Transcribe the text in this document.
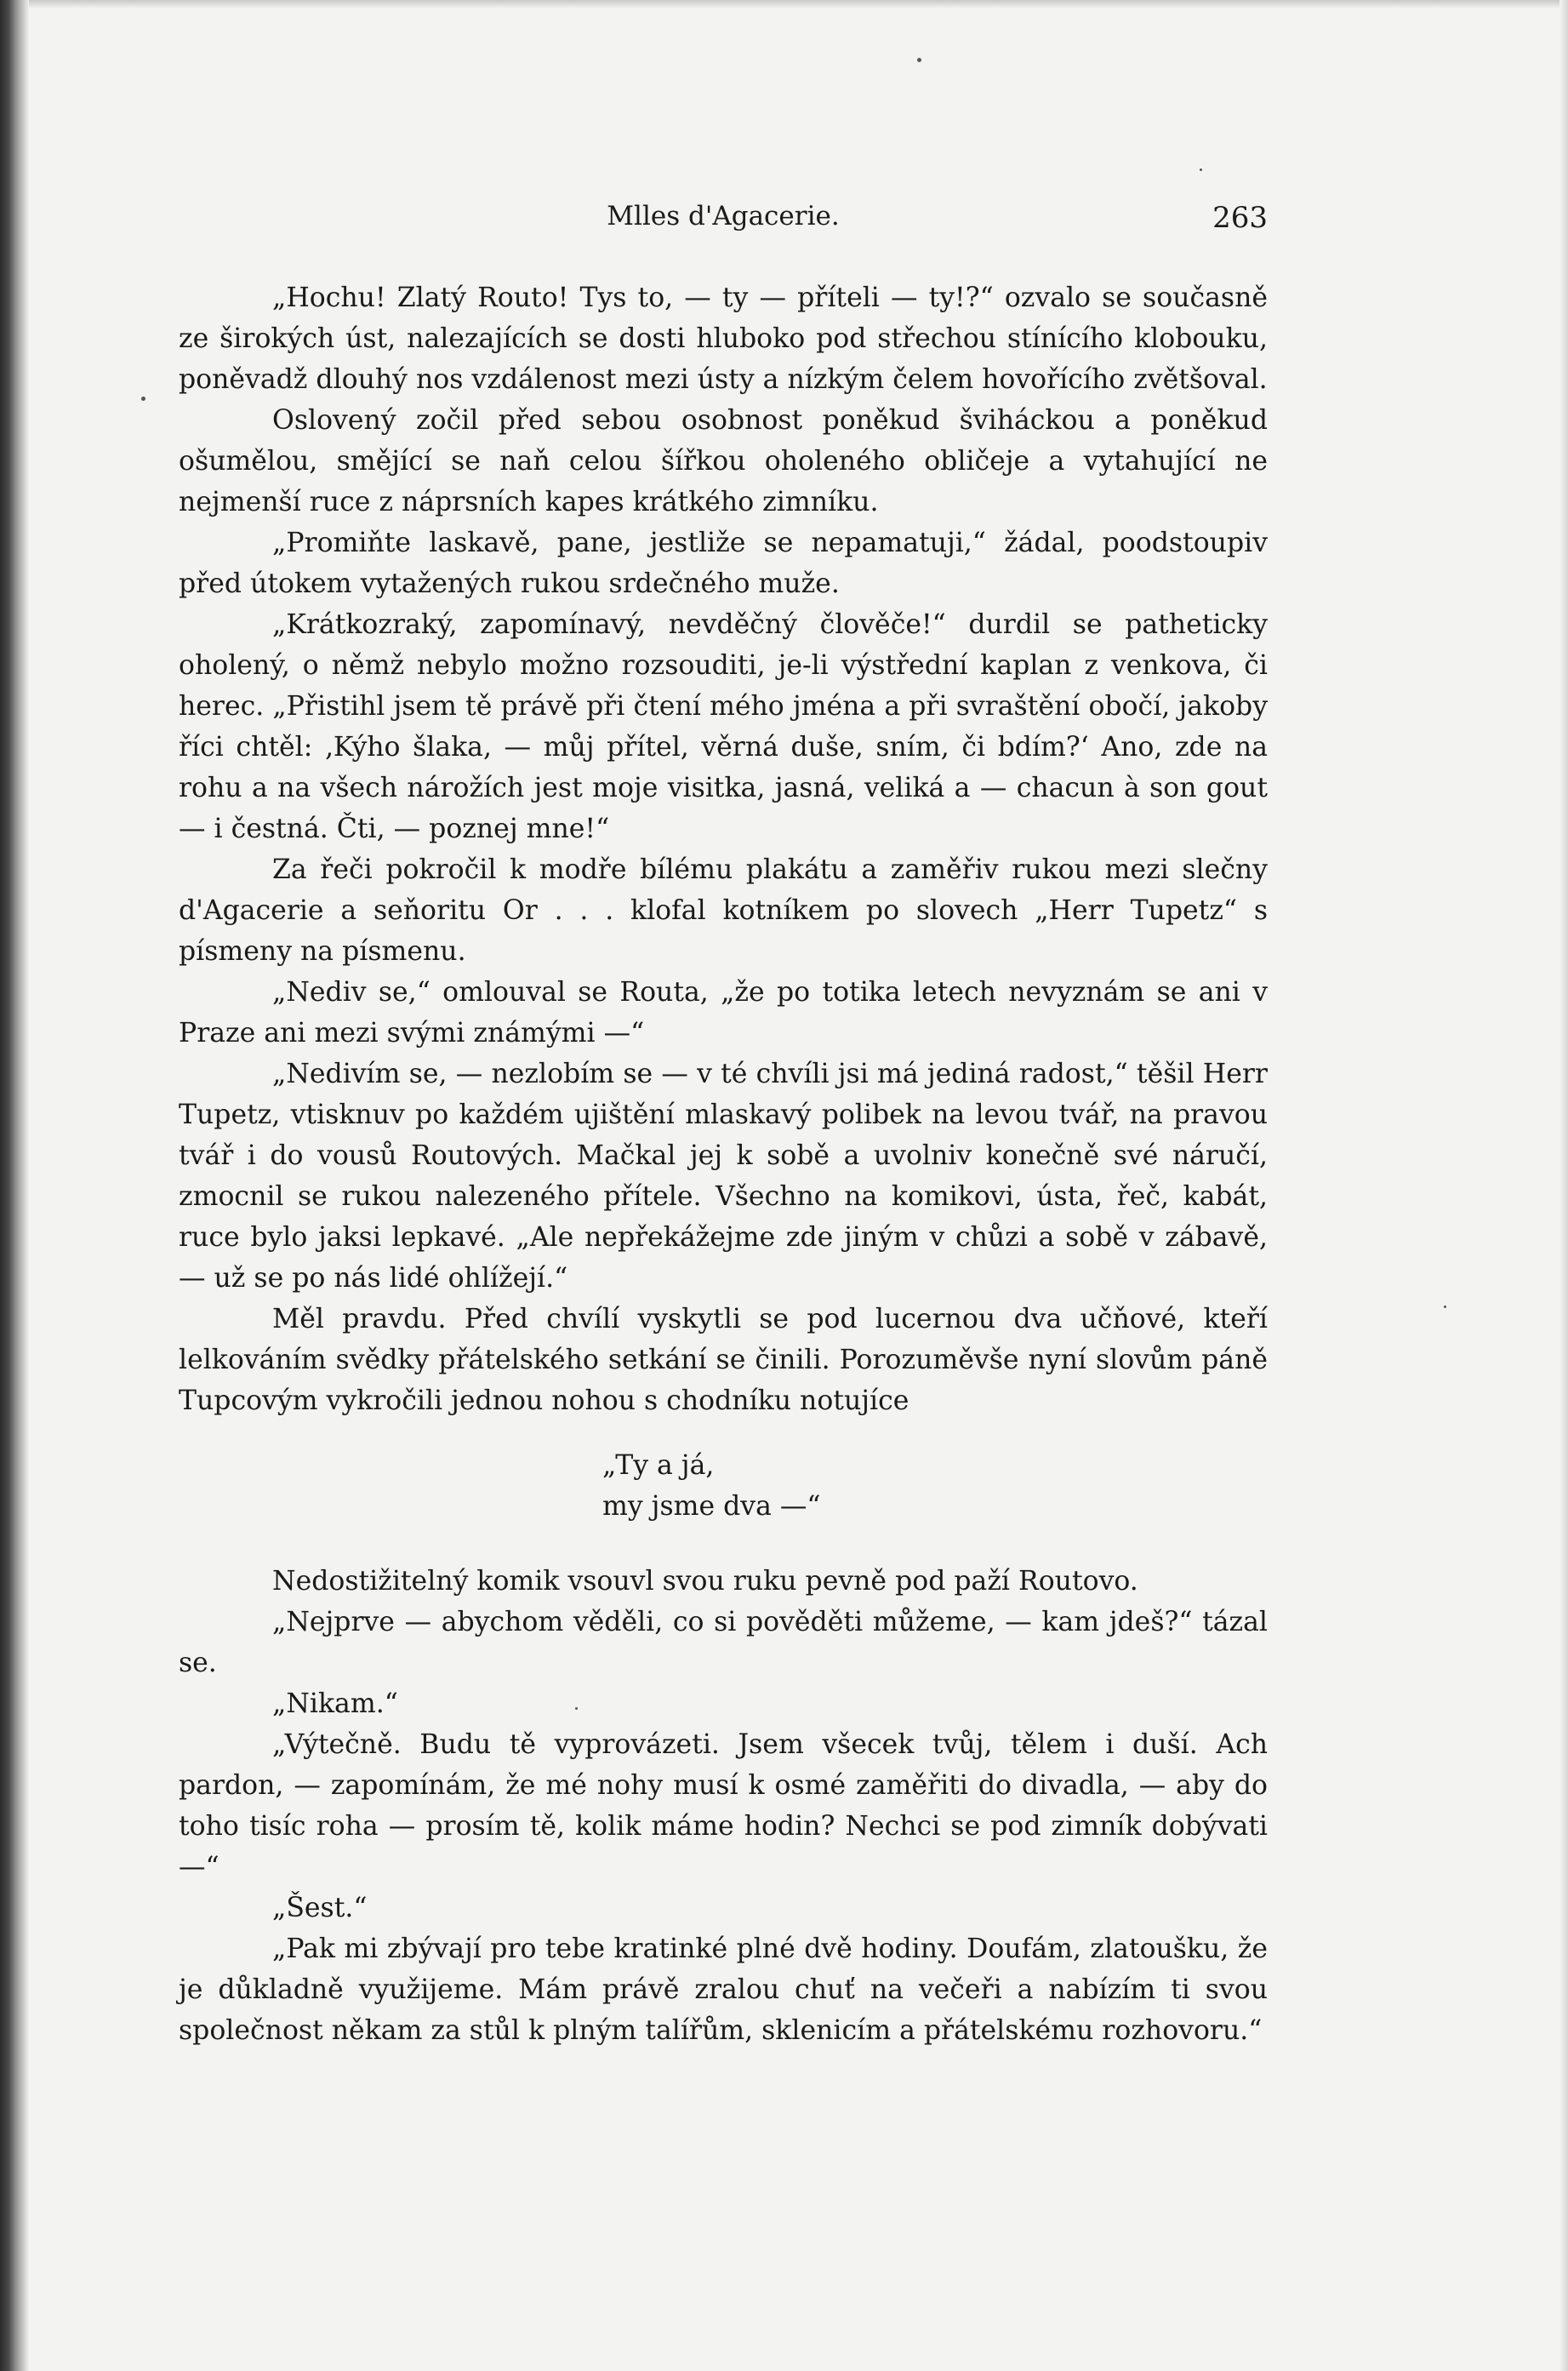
Mlles d'Agacerie.	263

„Hochu! Zlatý Routo! Tys to, — ty — příteli — ty!?“ ozvalo se současně ze širokých úst, nalezajících se dosti hluboko pod střechou stínícího klobouku, poněvadž dlouhý nos vzdálenost mezi ústy a nízkým čelem hovořícího zvětšoval.

Oslovený zočil před sebou osobnost poněkud šviháckou a poněkud ošumělou, smějící se naň celou šířkou oholeného obličeje a vytahující ne nejmenší ruce z náprsních kapes krátkého zimníku.

„Promiňte laskavě, pane, jestliže se nepamatuji,“ žádal, poodstoupiv před útokem vytažených rukou srdečného muže.

„Krátkozraký, zapomínavý, nevděčný člověče!“ durdil se patheticky oholený, o němž nebylo možno rozsouditi, je-li výstřední kaplan z venkova, či herec. „Přistihl jsem tě právě při čtení mého jména a při svraštění obočí, jakoby říci chtěl: ‚Kýho šlaka, — můj přítel, věrná duše, sním, či bdím?‘ Ano, zde na rohu a na všech nárožích jest moje visitka, jasná, veliká a — chacun à son gout — i čestná. Čti, — poznej mne!“

Za řeči pokročil k modře bílému plakátu a zaměřiv rukou mezi slečny d'Agacerie a seňoritu Or . . . klofal kotníkem po slovech „Herr Tupetz“ s písmeny na písmenu.

„Nediv se,“ omlouval se Routa, „že po totika letech nevyznám se ani v Praze ani mezi svými známými —“

„Nedivím se, — nezlobím se — v té chvíli jsi má jediná radost,“ těšil Herr Tupetz, vtisknuv po každém ujištění mlaskavý polibek na levou tvář, na pravou tvář i do vousů Routových. Mačkal jej k sobě a uvolniv konečně své náručí, zmocnil se rukou nalezeného přítele. Všechno na komikovi, ústa, řeč, kabát, ruce bylo jaksi lepkavé. „Ale nepřekážejme zde jiným v chůzi a sobě v zábavě, — už se po nás lidé ohlížejí.“

Měl pravdu. Před chvílí vyskytli se pod lucernou dva učňové, kteří lelkováním svědky přátelského setkání se činili. Porozuměvše nyní slovům páně Tupcovým vykročili jednou nohou s chodníku notujíce

„Ty a já,
my jsme dva —“

Nedostižitelný komik vsouvl svou ruku pevně pod paží Routovo.

„Nejprve — abychom věděli, co si pověděti můžeme, — kam jdeš?“ tázal se.

„Nikam.“

„Výtečně. Budu tě vyprovázeti. Jsem všecek tvůj, tělem i duší. Ach pardon, — zapomínám, že mé nohy musí k osmé zaměřiti do divadla, — aby do toho tisíc roha — prosím tě, kolik máme hodin? Nechci se pod zimník dobývati —“

„Šest.“

„Pak mi zbývají pro tebe kratinké plné dvě hodiny. Doufám, zlatoušku, že je důkladně využijeme. Mám právě zralou chuť na večeři a nabízím ti svou společnost někam za stůl k plným talířům, sklenicím a přátelskému rozhovoru.“
